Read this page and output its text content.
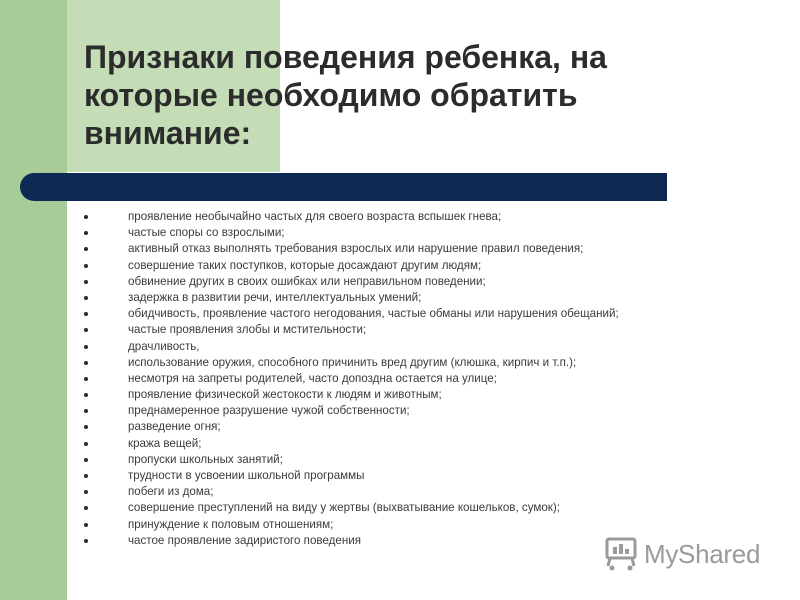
Признаки поведения ребенка, на
которые необходимо обратить
внимание:
проявление необычайно частых для своего возраста вспышек гнева;
частые споры со взрослыми;
активный отказ выполнять требования взрослых или нарушение правил поведения;
совершение таких поступков, которые досаждают другим людям;
обвинение других в своих ошибках или неправильном поведении;
задержка в развитии речи, интеллектуальных умений;
обидчивость, проявление частого негодования, частые обманы или нарушения обещаний;
частые проявления злобы и мстительности;
драчливость,
использование оружия, способного причинить вред другим (клюшка, кирпич и т.п.);
несмотря на запреты родителей, часто допоздна остается на улице;
проявление физической жестокости к людям и животным;
преднамеренное разрушение чужой собственности;
разведение огня;
кража вещей;
пропуски школьных занятий;
трудности в усвоении школьной программы
побеги из дома;
совершение преступлений на виду у жертвы (выхватывание кошельков, сумок);
принуждение к половым отношениям;
частое проявление задиристого поведения	MyShared
